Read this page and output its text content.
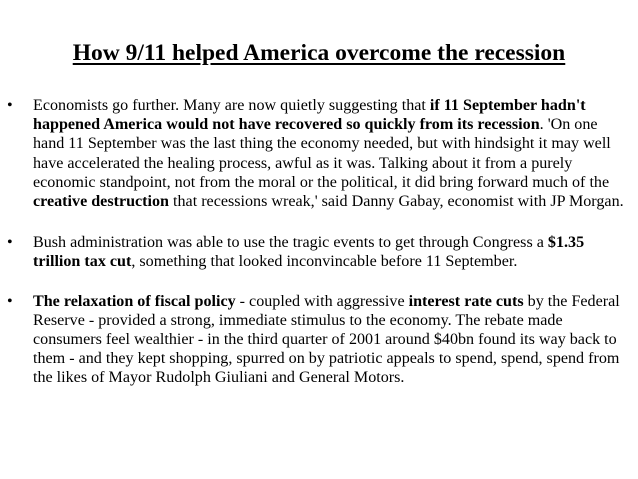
How 9/11 helped America overcome the recession
• Economists go further. Many are now quietly suggesting that if 11 September hadn't happened America would not have recovered so quickly from its recession. 'On one hand 11 September was the last thing the economy needed, but with hindsight it may well have accelerated the healing process, awful as it was. Talking about it from a purely economic standpoint, not from the moral or the political, it did bring forward much of the creative destruction that recessions wreak,' said Danny Gabay, economist with JP Morgan.
• Bush administration was able to use the tragic events to get through Congress a $1.35 trillion tax cut, something that looked inconvincable before 11 September.
• The relaxation of fiscal policy - coupled with aggressive interest rate cuts by the Federal Reserve - provided a strong, immediate stimulus to the economy. The rebate made consumers feel wealthier - in the third quarter of 2001 around $40bn found its way back to them - and they kept shopping, spurred on by patriotic appeals to spend, spend, spend from the likes of Mayor Rudolph Giuliani and General Motors.
